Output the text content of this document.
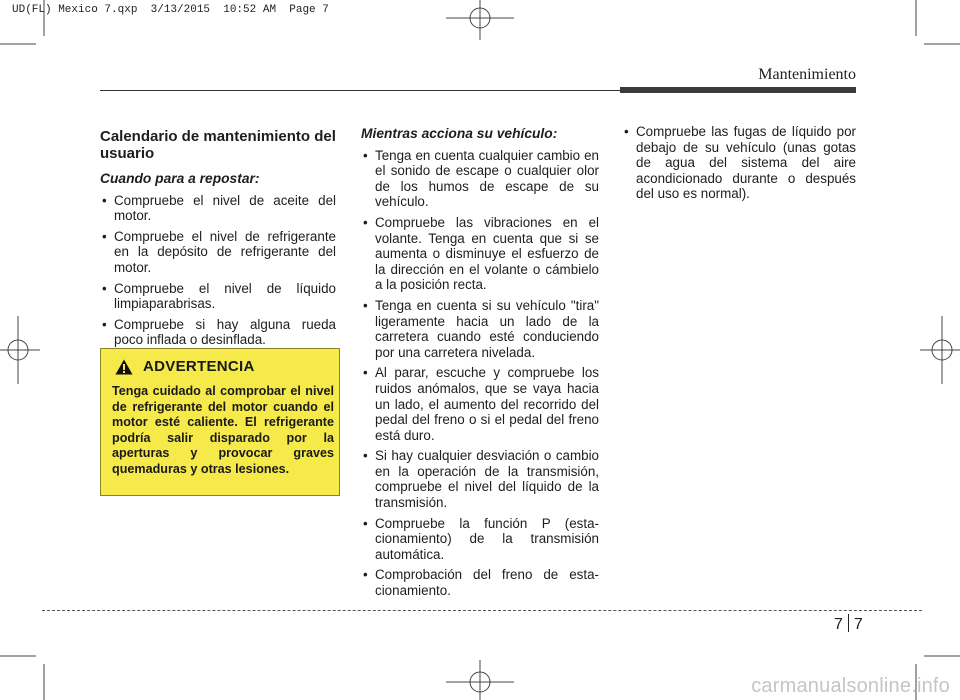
UD(FL) Mexico 7.qxp  3/13/2015  10:52 AM  Page 7
Mantenimiento
Calendario de mantenimiento del usuario
Cuando para a repostar:
• Compruebe el nivel de aceite del motor.
• Compruebe el nivel de refrigerante en la depósito de refrigerante del motor.
• Compruebe el nivel de líquido limpiaparabrisas.
• Compruebe si hay alguna rueda poco inflada o desinflada.
ADVERTENCIA
Tenga cuidado al comprobar el nivel de refrigerante del motor cuando el motor esté caliente. El refrigerante podría salir disparado por la aperturas y provocar graves quemaduras y otras lesiones.
Mientras acciona su vehículo:
• Tenga en cuenta cualquier cambio en el sonido de escape o cualquier olor de los humos de escape de su vehículo.
• Compruebe las vibraciones en el volante. Tenga en cuenta que si se aumenta o disminuye el esfuerzo de la dirección en el volante o cámbielo a la posición recta.
• Tenga en cuenta si su vehículo "tira" ligeramente hacia un lado de la carretera cuando esté conduciendo por una carretera nivelada.
• Al parar, escuche y compruebe los ruidos anómalos, que se vaya hacia un lado, el aumento del recorrido del pedal del freno o si el pedal del freno está duro.
• Si hay cualquier desviación o cambio en la operación de la transmisión, compruebe el nivel del líquido de la transmisión.
• Compruebe la función P (esta-cionamiento) de la transmisión automática.
• Comprobación del freno de esta-cionamiento.
• Compruebe las fugas de líquido por debajo de su vehículo (unas gotas de agua del sistema del aire acondicionado durante o después del uso es normal).
7 7
carmanualsonline.info
